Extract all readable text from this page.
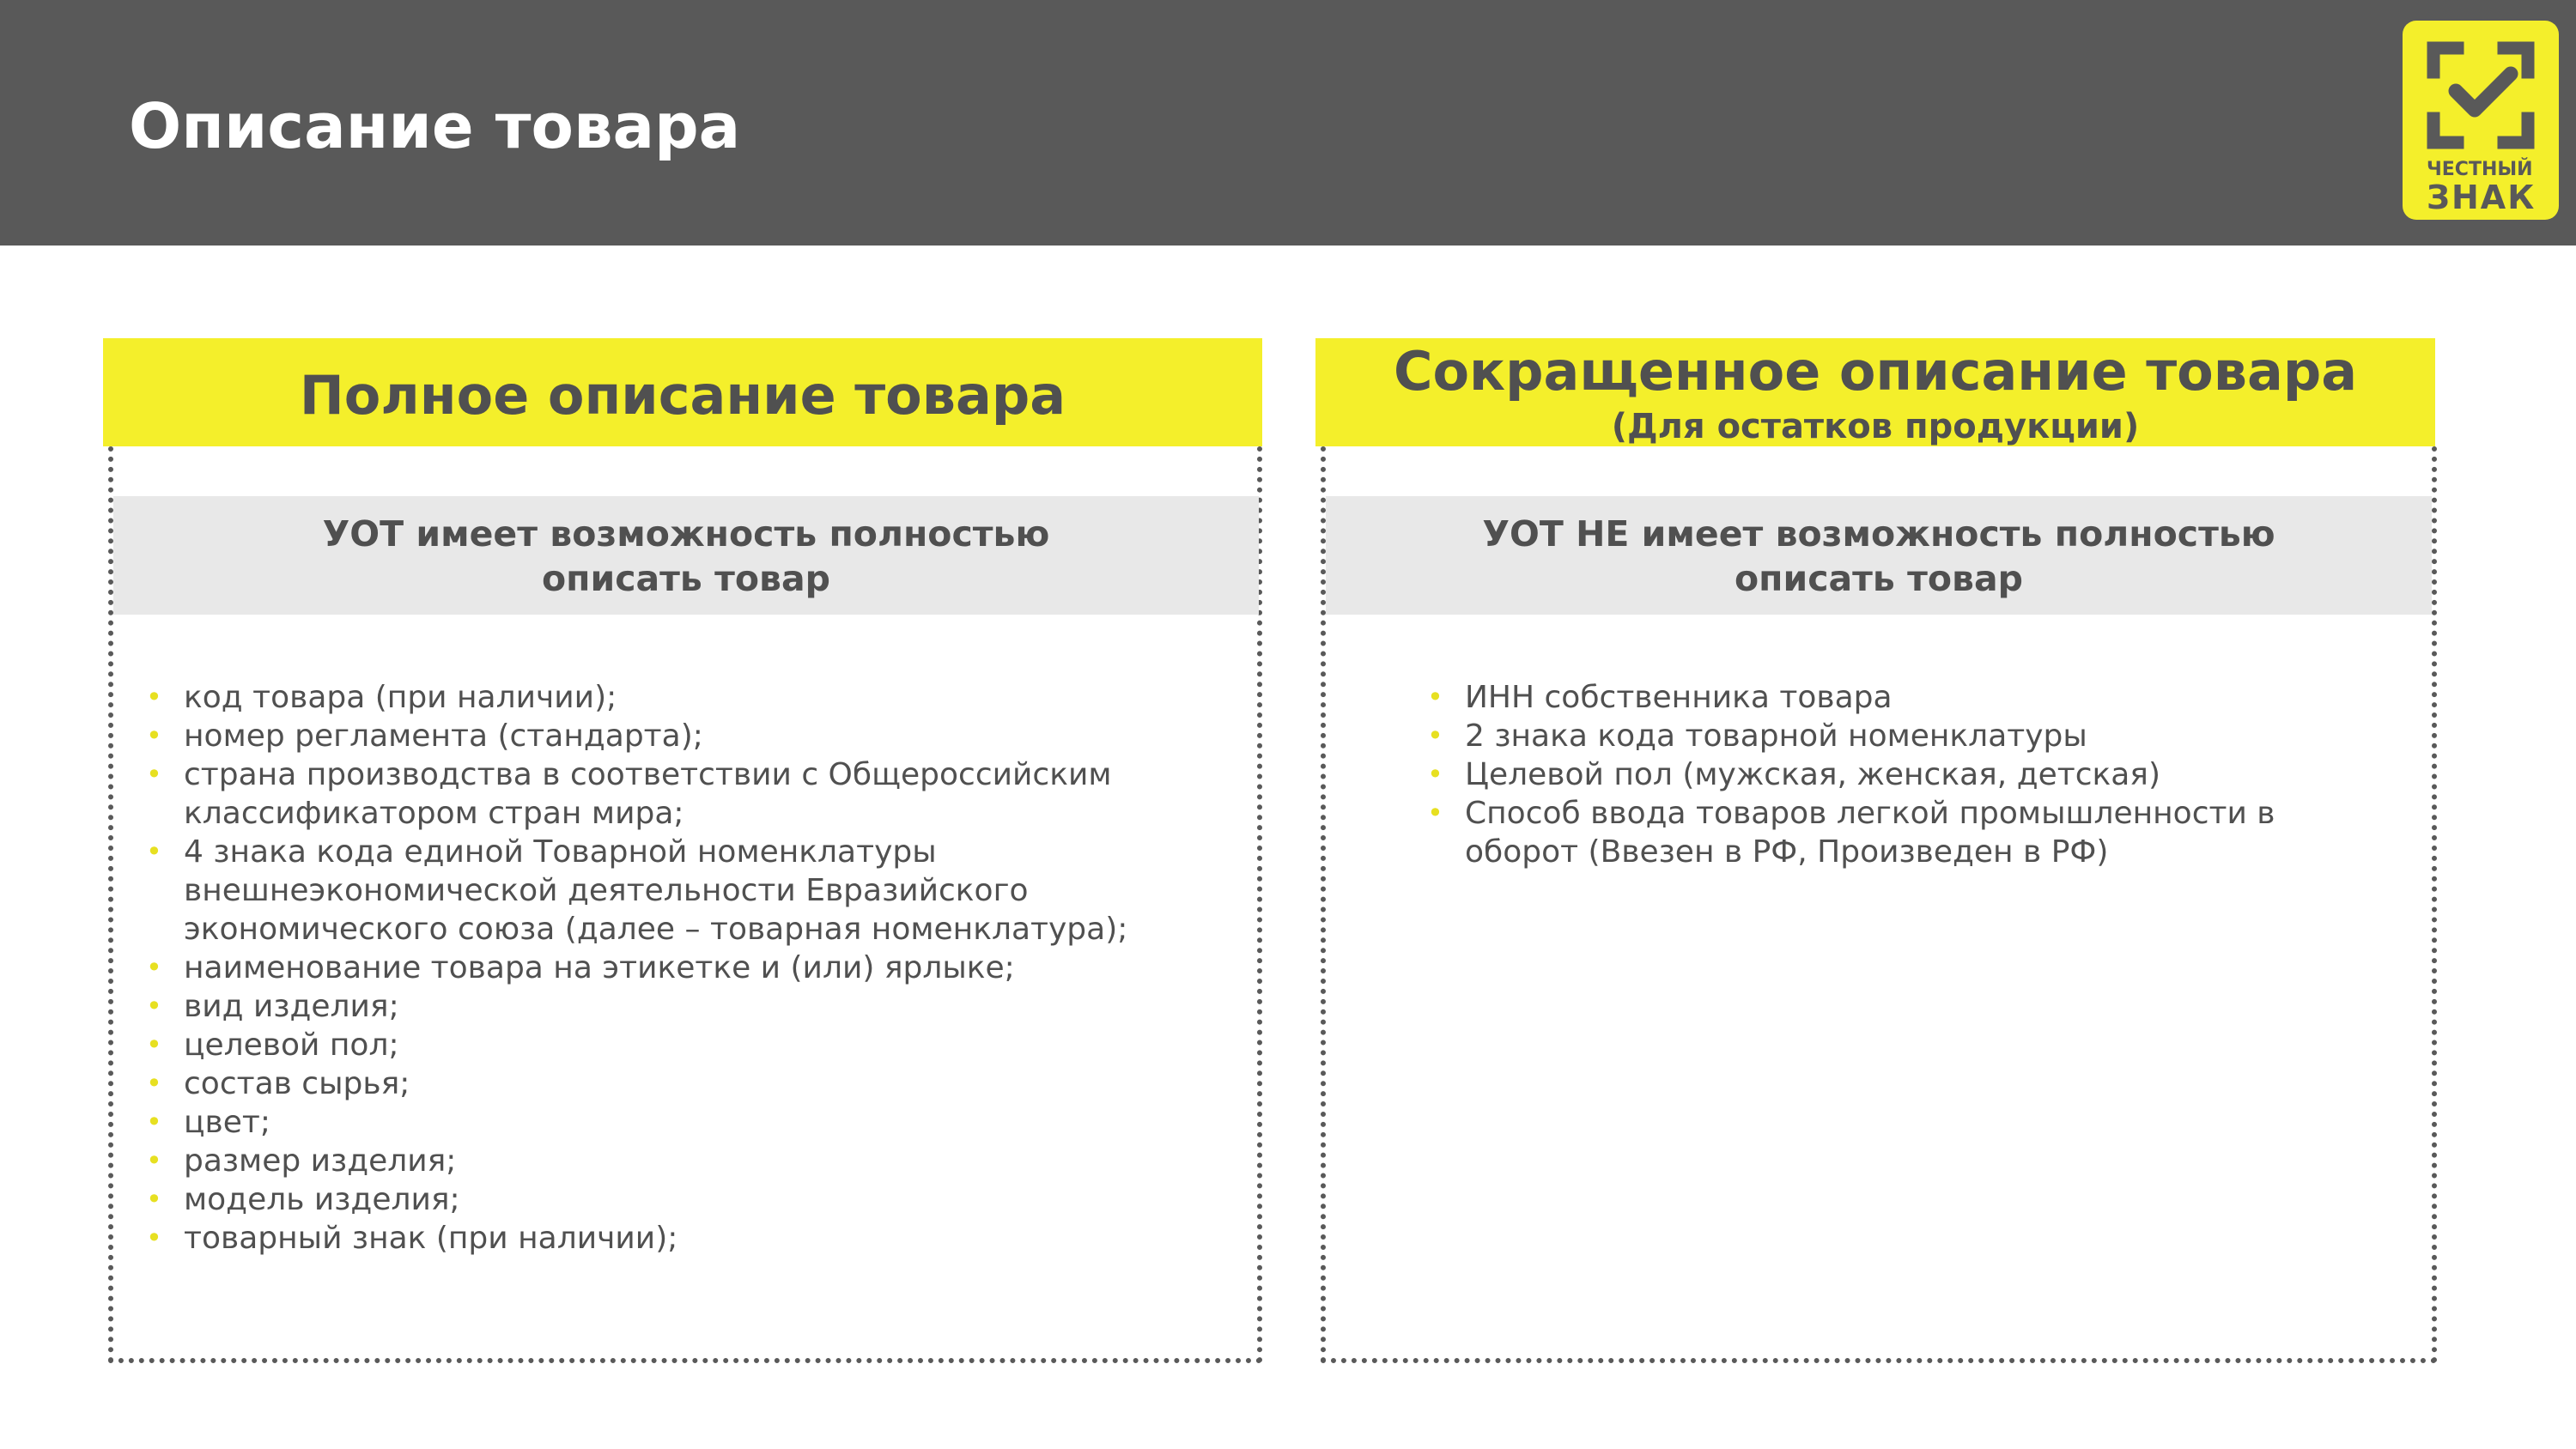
Описание товара
ЧЕСТНЫЙ
ЗНАК
Полное описание товара
УОТ имеет возможность полностью
описать товар
• код товара (при наличии);
• номер регламента (стандарта);
• страна производства в соответствии с Общероссийским
классификатором стран мира;
• 4 знака кода единой Товарной номенклатуры
внешнеэкономической деятельности Евразийского
экономического союза (далее – товарная номенклатура);
• наименование товара на этикетке и (или) ярлыке;
• вид изделия;
• целевой пол;
• состав сырья;
• цвет;
• размер изделия;
• модель изделия;
• товарный знак (при наличии);
Сокращенное описание товара
(Для остатков продукции)
УОТ НЕ имеет возможность полностью
описать товар
• ИНН собственника товара
• 2 знака кода товарной номенклатуры
• Целевой пол (мужская, женская, детская)
• Способ ввода товаров легкой промышленности в
оборот (Ввезен в РФ, Произведен в РФ)
